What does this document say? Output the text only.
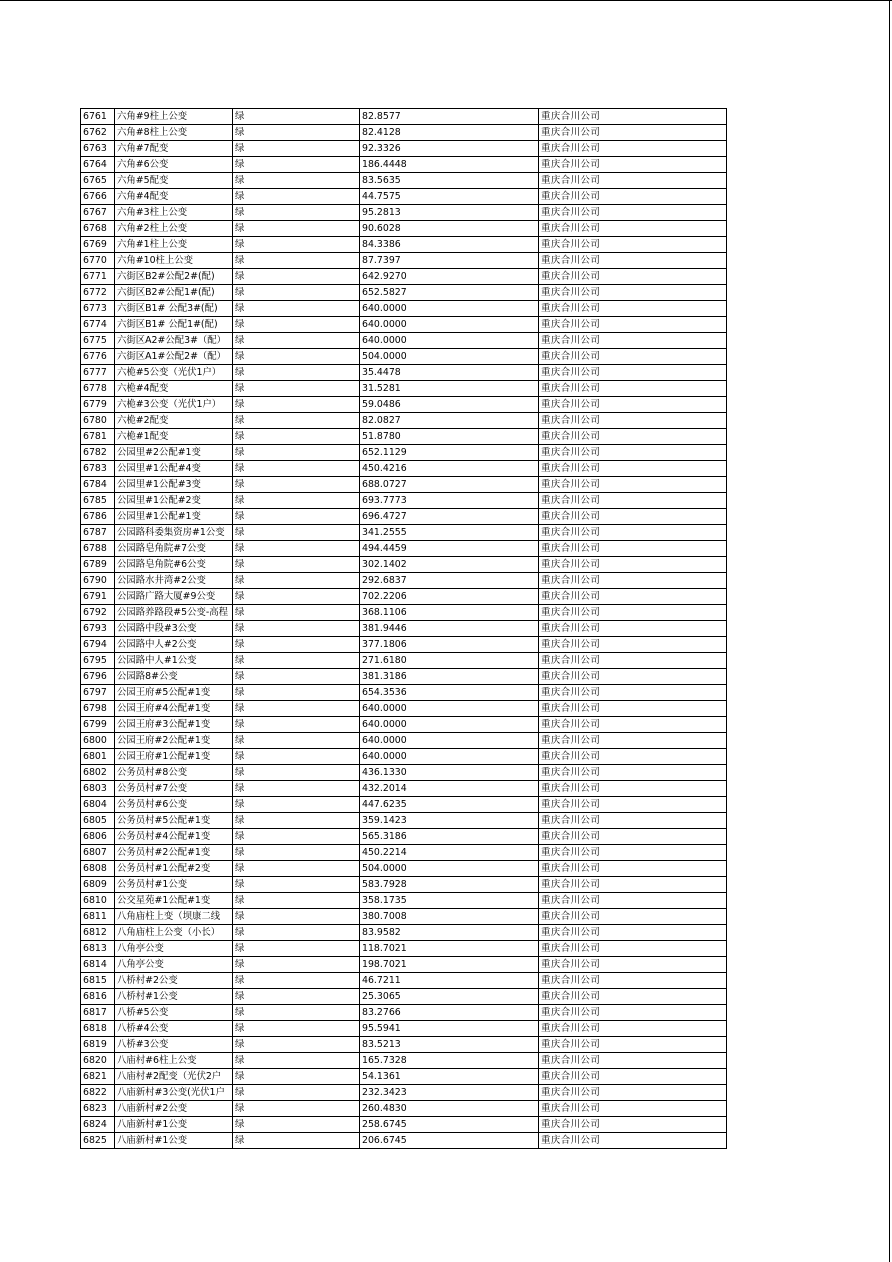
6761	六角#9柱上公变	绿	82.8577	重庆合川公司
6762	六角#8柱上公变	绿	82.4128	重庆合川公司
6763	六角#7配变	绿	92.3326	重庆合川公司
6764	六角#6公变	绿	186.4448	重庆合川公司
6765	六角#5配变	绿	83.5635	重庆合川公司
6766	六角#4配变	绿	44.7575	重庆合川公司
6767	六角#3柱上公变	绿	95.2813	重庆合川公司
6768	六角#2柱上公变	绿	90.6028	重庆合川公司
6769	六角#1柱上公变	绿	84.3386	重庆合川公司
6770	六角#10柱上公变	绿	87.7397	重庆合川公司
6771	六街区B2#公配2#(配)	绿	642.9270	重庆合川公司
6772	六街区B2#公配1#(配)	绿	652.5827	重庆合川公司
6773	六街区B1# 公配3#(配)	绿	640.0000	重庆合川公司
6774	六街区B1# 公配1#(配)	绿	640.0000	重庆合川公司
6775	六街区A2#公配3#（配）	绿	640.0000	重庆合川公司
6776	六街区A1#公配2#（配）	绿	504.0000	重庆合川公司
6777	六桅#5公变（光伏1户）	绿	35.4478	重庆合川公司
6778	六桅#4配变	绿	31.5281	重庆合川公司
6779	六桅#3公变（光伏1户）	绿	59.0486	重庆合川公司
6780	六桅#2配变	绿	82.0827	重庆合川公司
6781	六桅#1配变	绿	51.8780	重庆合川公司
6782	公园里#2公配#1变	绿	652.1129	重庆合川公司
6783	公园里#1公配#4变	绿	450.4216	重庆合川公司
6784	公园里#1公配#3变	绿	688.0727	重庆合川公司
6785	公园里#1公配#2变	绿	693.7773	重庆合川公司
6786	公园里#1公配#1变	绿	696.4727	重庆合川公司
6787	公园路科委集资房#1公变	绿	341.2555	重庆合川公司
6788	公园路皂角院#7公变	绿	494.4459	重庆合川公司
6789	公园路皂角院#6公变	绿	302.1402	重庆合川公司
6790	公园路水井湾#2公变	绿	292.6837	重庆合川公司
6791	公园路广路大厦#9公变	绿	702.2206	重庆合川公司
6792	公园路养路段#5公变-高程	绿	368.1106	重庆合川公司
6793	公园路中段#3公变	绿	381.9446	重庆合川公司
6794	公园路中人#2公变	绿	377.1806	重庆合川公司
6795	公园路中人#1公变	绿	271.6180	重庆合川公司
6796	公园路8#公变	绿	381.3186	重庆合川公司
6797	公园王府#5公配#1变	绿	654.3536	重庆合川公司
6798	公园王府#4公配#1变	绿	640.0000	重庆合川公司
6799	公园王府#3公配#1变	绿	640.0000	重庆合川公司
6800	公园王府#2公配#1变	绿	640.0000	重庆合川公司
6801	公园王府#1公配#1变	绿	640.0000	重庆合川公司
6802	公务员村#8公变	绿	436.1330	重庆合川公司
6803	公务员村#7公变	绿	432.2014	重庆合川公司
6804	公务员村#6公变	绿	447.6235	重庆合川公司
6805	公务员村#5公配#1变	绿	359.1423	重庆合川公司
6806	公务员村#4公配#1变	绿	565.3186	重庆合川公司
6807	公务员村#2公配#1变	绿	450.2214	重庆合川公司
6808	公务员村#1公配#2变	绿	504.0000	重庆合川公司
6809	公务员村#1公变	绿	583.7928	重庆合川公司
6810	公交星苑#1公配#1变	绿	358.1735	重庆合川公司
6811	八角庙柱上变（坝康二线	绿	380.7008	重庆合川公司
6812	八角庙柱上公变（小长）	绿	83.9582	重庆合川公司
6813	八角亭公变	绿	118.7021	重庆合川公司
6814	八角亭公变	绿	198.7021	重庆合川公司
6815	八桥村#2公变	绿	46.7211	重庆合川公司
6816	八桥村#1公变	绿	25.3065	重庆合川公司
6817	八桥#5公变	绿	83.2766	重庆合川公司
6818	八桥#4公变	绿	95.5941	重庆合川公司
6819	八桥#3公变	绿	83.5213	重庆合川公司
6820	八庙村#6柱上公变	绿	165.7328	重庆合川公司
6821	八庙村#2配变（光伏2户	绿	54.1361	重庆合川公司
6822	八庙新村#3公变(光伏1户	绿	232.3423	重庆合川公司
6823	八庙新村#2公变	绿	260.4830	重庆合川公司
6824	八庙新村#1公变	绿	258.6745	重庆合川公司
6825	八庙新村#1公变	绿	206.6745	重庆合川公司
